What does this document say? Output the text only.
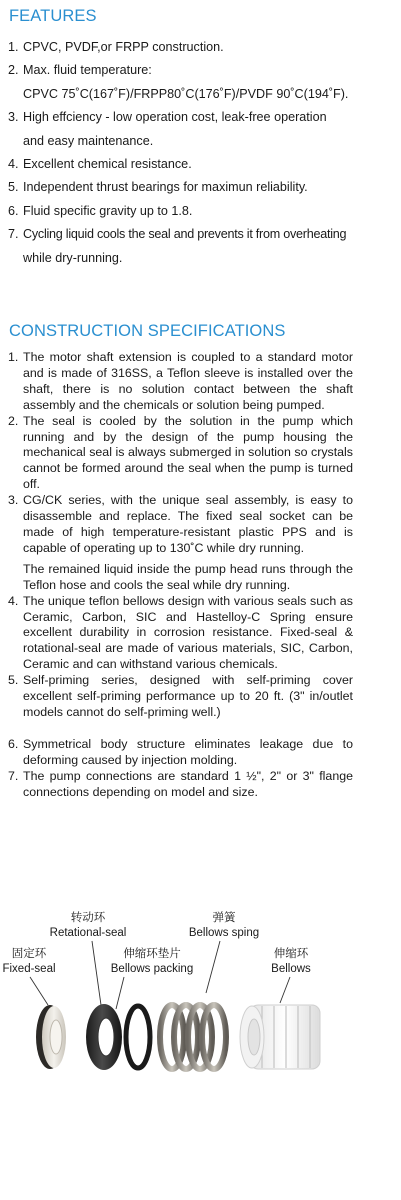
FEATURES
1. CPVC, PVDF,or FRPP construction.
2. Max. fluid temperature:
CPVC 75˚C(167˚F)/FRPP80˚C(176˚F)/PVDF 90˚C(194˚F).
3. High effciency - low operation cost, leak-free operation
and easy maintenance.
4. Excellent chemical resistance.
5. Independent thrust bearings for maximun reliability.
6. Fluid specific gravity up to 1.8.
7. Cycling liquid cools the seal and prevents it from overheating
while dry-running.
CONSTRUCTION SPECIFICATIONS
1. The motor shaft extension is coupled to a standard motor and is made of 316SS, a Teflon sleeve is installed over the shaft, there is no solution contact between the shaft assembly and the chemicals or solution being pumped.
2. The seal is cooled by the solution in the pump which running and by the design of the pump housing the mechanical seal is always submerged in solution so crystals cannot be formed around the seal when the pump is turned off.
3. CG/CK series, with the unique seal assembly, is easy to disassemble and replace. The fixed seal socket can be made of high temperature-resistant plastic PPS and is capable of operating up to 130˚C while dry running.
The remained liquid inside the pump head runs through the Teflon hose and cools the seal while dry running.
4. The unique teflon bellows design with various seals such as Ceramic, Carbon, SIC and Hastelloy-C Spring ensure excellent durability in corrosion resistance. Fixed-seal & rotational-seal are made of various materials, SIC, Carbon, Ceramic and can withstand various chemicals.
5. Self-priming series, designed with self-priming cover excellent self-priming performance up to 20 ft. (3" in/outlet models cannot do self-priming well.)
6. Symmetrical body structure eliminates leakage due to deforming caused by injection molding.
7. The pump connections are standard 1 ½", 2" or 3" flange connections depending on model and size.
固定环
Fixed-seal
转动环
Retational-seal
伸缩环垫片
Bellows packing
弹簧
Bellows sping
伸缩环
Bellows
